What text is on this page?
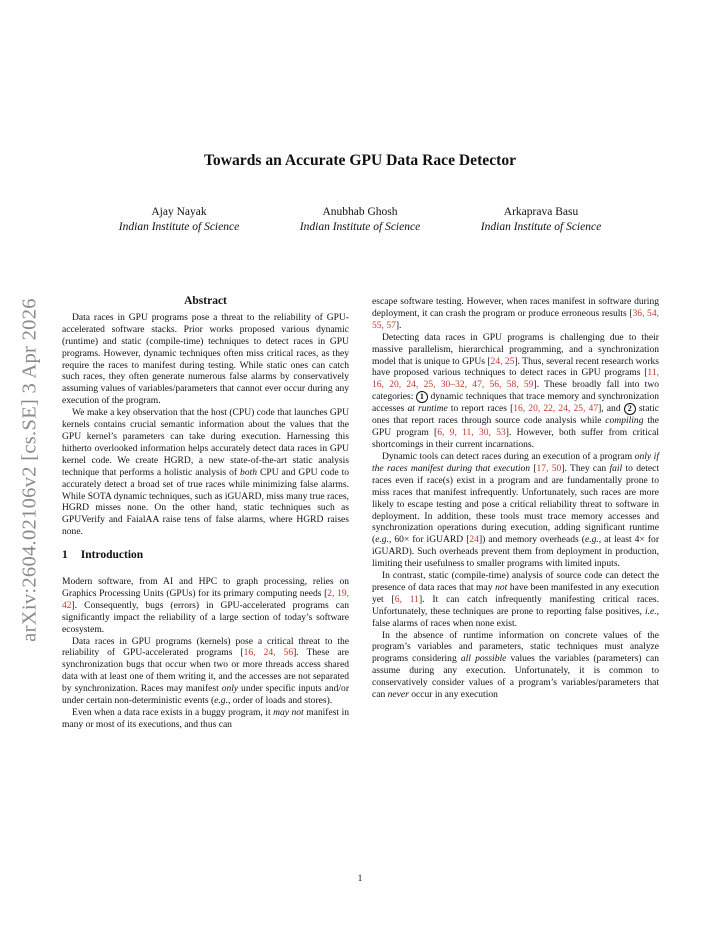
arXiv:2604.02106v2 [cs.SE] 3 Apr 2026
Towards an Accurate GPU Data Race Detector
Ajay Nayak
Indian Institute of Science
Anubhab Ghosh
Indian Institute of Science
Arkaprava Basu
Indian Institute of Science
Abstract

Data races in GPU programs pose a threat to the reliability of GPU-accelerated software stacks. Prior works proposed various dynamic (runtime) and static (compile-time) techniques to detect races in GPU programs. However, dynamic techniques often miss critical races, as they require the races to manifest during testing. While static ones can catch such races, they often generate numerous false alarms by conservatively assuming values of variables/parameters that cannot ever occur during any execution of the program.

We make a key observation that the host (CPU) code that launches GPU kernels contains crucial semantic information about the values that the GPU kernel’s parameters can take during execution. Harnessing this hitherto overlooked information helps accurately detect data races in GPU kernel code. We create HGRD, a new state-of-the-art static analysis technique that performs a holistic analysis of both CPU and GPU code to accurately detect a broad set of true races while minimizing false alarms. While SOTA dynamic techniques, such as iGUARD, miss many true races, HGRD misses none. On the other hand, static techniques such as GPUVerify and FaialAA raise tens of false alarms, where HGRD raises none.

1 Introduction

Modern software, from AI and HPC to graph processing, relies on Graphics Processing Units (GPUs) for its primary computing needs [2, 19, 42]. Consequently, bugs (errors) in GPU-accelerated programs can significantly impact the reliability of a large section of today’s software ecosystem.

Data races in GPU programs (kernels) pose a critical threat to the reliability of GPU-accelerated programs [16, 24, 56]. These are synchronization bugs that occur when two or more threads access shared data with at least one of them writing it, and the accesses are not separated by synchronization. Races may manifest only under specific inputs and/or under certain non-deterministic events (e.g., order of loads and stores).

Even when a data race exists in a buggy program, it may not manifest in many or most of its executions, and thus can

escape software testing. However, when races manifest in software during deployment, it can crash the program or produce erroneous results [36, 54, 55, 57].

Detecting data races in GPU programs is challenging due to their massive parallelism, hierarchical programming, and a synchronization model that is unique to GPUs [24, 25]. Thus, several recent research works have proposed various techniques to detect races in GPU programs [11, 16, 20, 24, 25, 30–32, 47, 56, 58, 59]. These broadly fall into two categories: 1 dynamic techniques that trace memory and synchronization accesses at runtime to report races [16, 20, 22, 24, 25, 47], and 2 static ones that report races through source code analysis while compiling the GPU program [6, 9, 11, 30, 53]. However, both suffer from critical shortcomings in their current incarnations.

Dynamic tools can detect races during an execution of a program only if the races manifest during that execution [17, 50]. They can fail to detect races even if race(s) exist in a program and are fundamentally prone to miss races that manifest infrequently. Unfortunately, such races are more likely to escape testing and pose a critical reliability threat to software in deployment. In addition, these tools must trace memory accesses and synchronization operations during execution, adding significant runtime (e.g., 60× for iGUARD [24]) and memory overheads (e.g., at least 4× for iGUARD). Such overheads prevent them from deployment in production, limiting their usefulness to smaller programs with limited inputs.

In contrast, static (compile-time) analysis of source code can detect the presence of data races that may not have been manifested in any execution yet [6, 11]. It can catch infrequently manifesting critical races. Unfortunately, these techniques are prone to reporting false positives, i.e., false alarms of races when none exist.

In the absence of runtime information on concrete values of the program’s variables and parameters, static techniques must analyze programs considering all possible values the variables (parameters) can assume during any execution. Unfortunately, it is common to conservatively consider values of a program’s variables/parameters that can never occur in any execution

1
